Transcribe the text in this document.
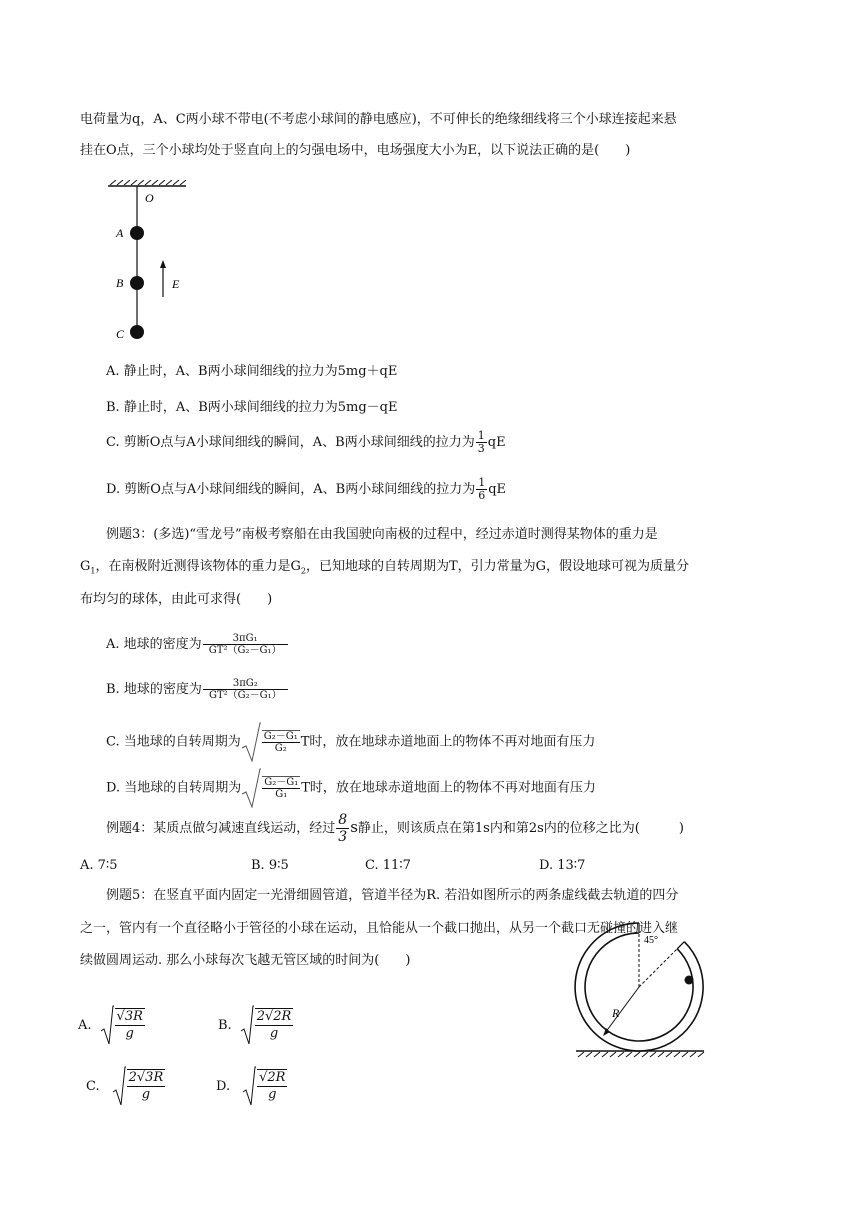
电荷量为q，A、C两小球不带电(不考虑小球间的静电感应)，不可伸长的绝缘细线将三个小球连接起来悬
挂在O点，三个小球均处于竖直向上的匀强电场中，电场强度大小为E，以下说法正确的是(　　)
O
A
B
C
E
A. 静止时，A、B两小球间细线的拉力为5mg＋qE
B. 静止时，A、B两小球间细线的拉力为5mg－qE
C. 剪断O点与A小球间细线的瞬间，A、B两小球间细线的拉力为 $\frac{1}{3}$ qE
D. 剪断O点与A小球间细线的瞬间，A、B两小球间细线的拉力为 $\frac{1}{6}$ qE
例题3：(多选)“雪龙号”南极考察船在由我国驶向南极的过程中，经过赤道时测得某物体的重力是
$G_1$，在南极附近测得该物体的重力是$G_2$，已知地球的自转周期为T，引力常量为G，假设地球可视为质量分
布均匀的球体，由此可求得(　　)
A. 地球的密度为 $\frac{\text{3πG₁}}{\text{GT²（G₂－G₁）}}$
B. 地球的密度为 $\frac{\text{3πG₂}}{\text{GT²（G₂－G₁）}}$
C. 当地球的自转周期为 $\frac{\text{G₂－G₁}}{\text{G₂}}$ T时，放在地球赤道地面上的物体不再对地面有压力
D. 当地球的自转周期为 $\frac{\text{G₂－G₁}}{\text{G₁}}$ T时，放在地球赤道地面上的物体不再对地面有压力
例题4：某质点做匀减速直线运动，经过 $\frac{8}{3}$ s静止，则该质点在第1s内和第2s内的位移之比为(　　　)
A. 7∶5	B. 9∶5	C. 11∶7	D. 13∶7
例题5：在竖直平面内固定一光滑细圆管道，管道半径为R. 若沿如图所示的两条虚线截去轨道的四分
之一，管内有一个直径略小于管径的小球在运动，且恰能从一个截口抛出，从另一个截口无碰撞的进入继
续做圆周运动. 那么小球每次飞越无管区域的时间为(　　)
45°
R
A. $\frac{√3R}{g}$	B. $\frac{2√2R}{g}$
C. $\frac{2√3R}{g}$	D. $\frac{√2R}{g}$
